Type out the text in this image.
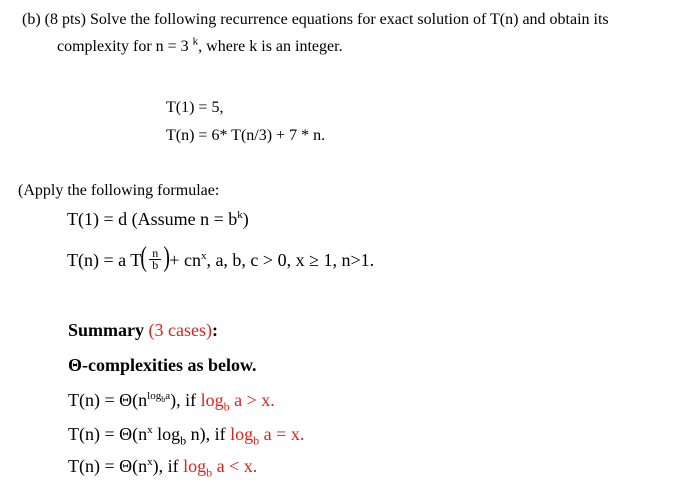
(b) (8 pts) Solve the following recurrence equations for exact solution of T(n) and obtain its
complexity for n = 3 $^k$, where k is an integer.
T(1) = 5,
T(n) = 6* T(n/3) + 7 * n.
(Apply the following formulae:
T(1) = d (Assume $n = b^k$)
T(n) = a T ( n
b ) + $cn^x$, a, b, c > 0, x ≥ 1, n>1.
Summary (3 cases):
Θ-complexities as below.
$T(n) = \Theta(n^{log_ba})$, if $\log_b a > x$.
$T(n) = \Theta(n^x$ $\log_b n$), if $\log_b a = x$.
$T(n) = \Theta(n^x)$, if $\log_b a < x$.
